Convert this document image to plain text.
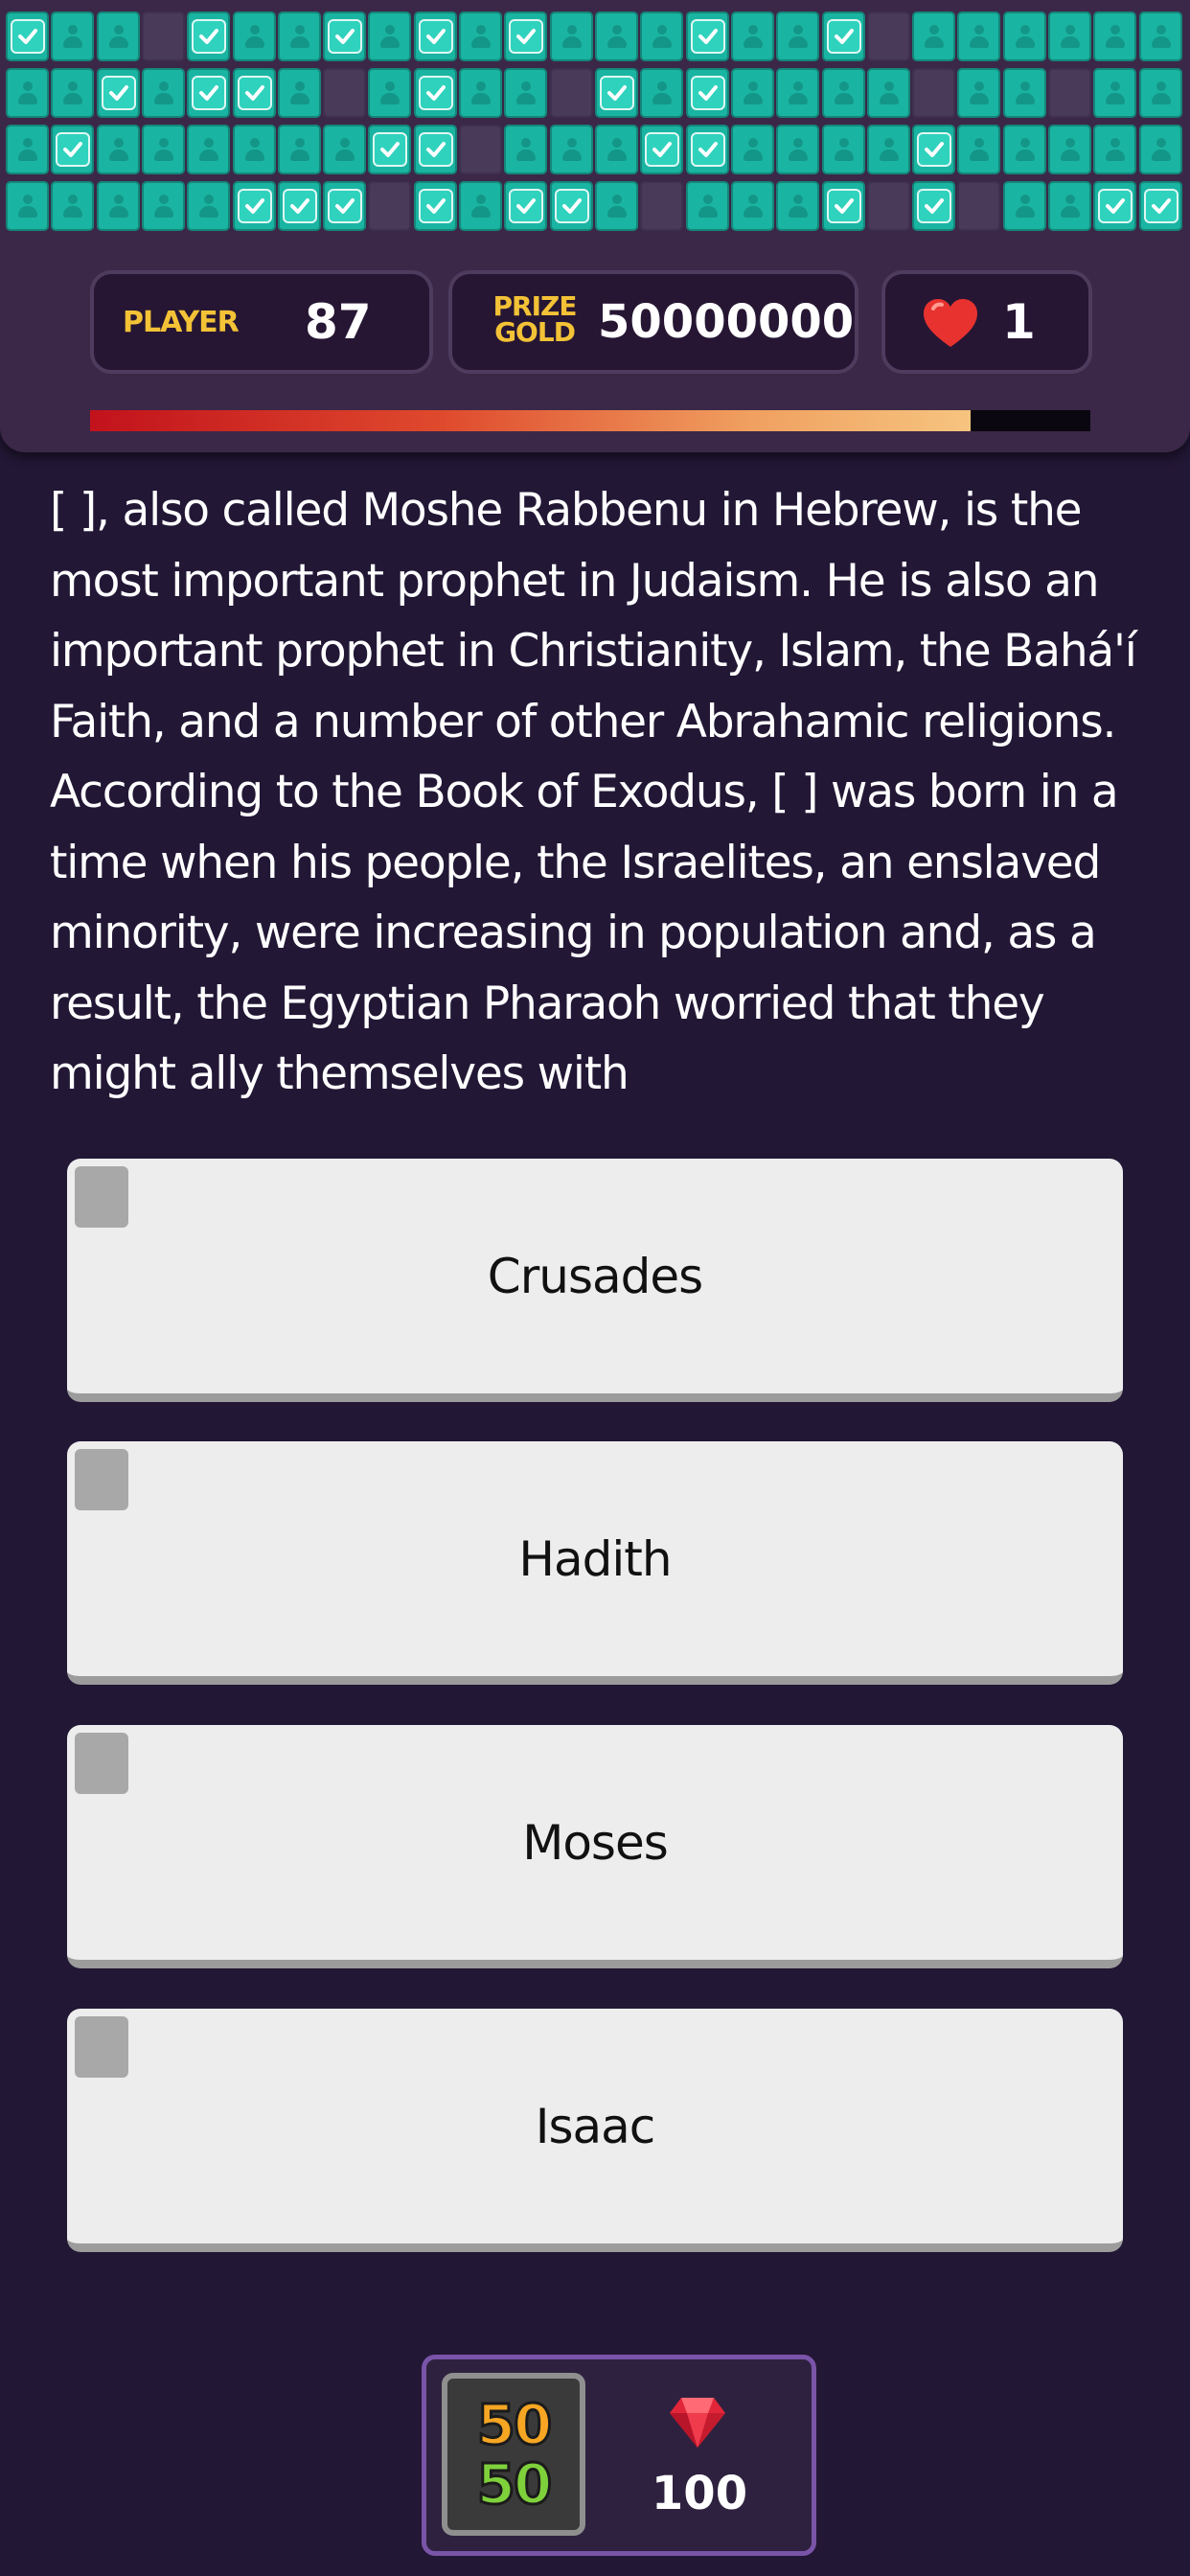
PLAYER 87	PRIZE
GOLD 50000000	1
[ ], also called Moshe Rabbenu in Hebrew, is the most important prophet in Judaism. He is also an important prophet in Christianity, Islam, the Bahá'í Faith, and a number of other Abrahamic religions. According to the Book of Exodus, [ ] was born in a time when his people, the Israelites, an enslaved minority, were increasing in population and, as a result, the Egyptian Pharaoh worried that they might ally themselves with
Crusades
Hadith
Moses
Isaac
50
50	100
